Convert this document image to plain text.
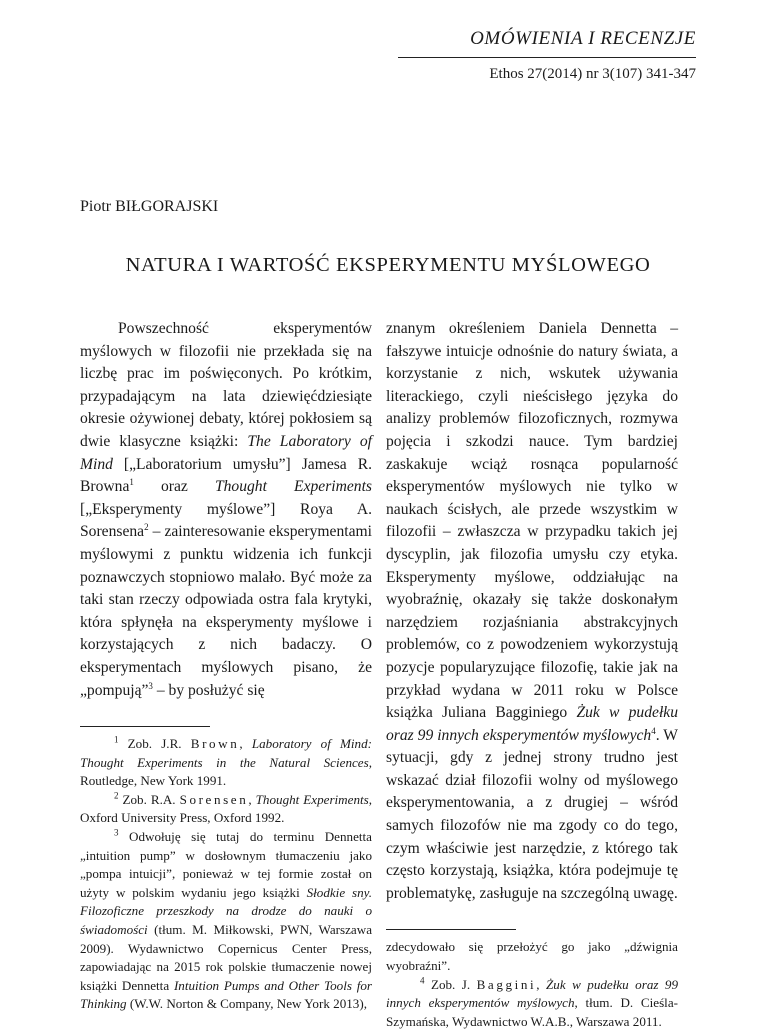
OMÓWIENIA I RECENZJE
Ethos 27(2014) nr 3(107) 341-347
Piotr BIŁGORAJSKI
NATURA I WARTOŚĆ EKSPERYMENTU MYŚLOWEGO

Powszechność eksperymentów myślowych w filozofii nie przekłada się na liczbę prac im poświęconych. Po krótkim, przypadającym na lata dziewięćdziesiąte okresie ożywionej debaty, której pokłosiem są dwie klasyczne książki: The Laboratory of Mind [„Laboratorium umysłu”] Jamesa R. Browna$^1$ oraz Thought Experiments [„Eksperymenty myślowe”] Roya A. Sorensena$^2$ – zainteresowanie eksperymentami myślowymi z punktu widzenia ich funkcji poznawczych stopniowo malało. Być może za taki stan rzeczy odpowiada ostra fala krytyki, która spłynęła na eksperymenty myślowe i korzystających z nich badaczy. O eksperymentach myślowych pisano, że „pompują”$^3$ – by posłużyć się

$^1$ Zob. J.R. Brown, Laboratory of Mind: Thought Experiments in the Natural Sciences, Routledge, New York 1991.

$^2$ Zob. R.A. Sorensen, Thought Experiments, Oxford University Press, Oxford 1992.

$^3$ Odwołuję się tutaj do terminu Dennetta „intuition pump” w dosłownym tłumaczeniu jako „pompa intuicji”, ponieważ w tej formie został on użyty w polskim wydaniu jego książki Słodkie sny. Filozoficzne przeszkody na drodze do nauki o świadomości (tłum. M. Miłkowski, PWN, Warszawa 2009). Wydawnictwo Copernicus Center Press, zapowiadając na 2015 rok polskie tłumaczenie nowej książki Dennetta Intuition Pumps and Other Tools for Thinking (W.W. Norton & Company, New York 2013),

znanym określeniem Daniela Dennetta – fałszywe intuicje odnośnie do natury świata, a korzystanie z nich, wskutek używania literackiego, czyli nieścisłego języka do analizy problemów filozoficznych, rozmywa pojęcia i szkodzi nauce. Tym bardziej zaskakuje wciąż rosnąca popularność eksperymentów myślowych nie tylko w naukach ścisłych, ale przede wszystkim w filozofii – zwłaszcza w przypadku takich jej dyscyplin, jak filozofia umysłu czy etyka. Eksperymenty myślowe, oddziałując na wyobraźnię, okazały się także doskonałym narzędziem rozjaśniania abstrakcyjnych problemów, co z powodzeniem wykorzystują pozycje popularyzujące filozofię, takie jak na przykład wydana w 2011 roku w Polsce książka Juliana Bagginiego Żuk w pudełku oraz 99 innych eksperymentów myślowych$^4$. W sytuacji, gdy z jednej strony trudno jest wskazać dział filozofii wolny od myślowego eksperymentowania, a z drugiej – wśród samych filozofów nie ma zgody co do tego, czym właściwie jest narzędzie, z którego tak często korzystają, książka, która podejmuje tę problematykę, zasługuje na szczególną uwagę.

zdecydowało się przełożyć go jako „dźwignia wyobraźni”.

$^4$ Zob. J. Baggini, Żuk w pudełku oraz 99 innych eksperymentów myślowych, tłum. D. Cieśla-Szymańska, Wydawnictwo W.A.B., Warszawa 2011.
